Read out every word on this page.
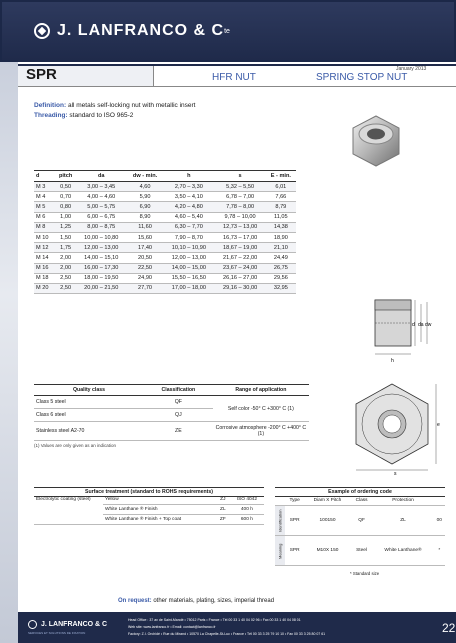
J. LANFRANCO & C te
SPR	January 2013
HFR NUT	SPRING STOP NUT
Definition: all metals self-locking nut with metallic insert
Threading: standard to ISO 965-2
d	pitch	da	dw - min.	h	s	E - min.
M 3	0,50	3,00 – 3,45	4,60	2,70 – 3,30	5,32 – 5,50	6,01
M 4	0,70	4,00 – 4,60	5,90	3,50 – 4,10	6,78 – 7,00	7,66
M 5	0,80	5,00 – 5,75	6,90	4,20 – 4,80	7,78 – 8,00	8,79
M 6	1,00	6,00 – 6,75	8,90	4,60 – 5,40	9,78 – 10,00	11,05
M 8	1,25	8,00 – 8,75	11,60	6,30 – 7,70	12,73 – 13,00	14,38
M 10	1,50	10,00 – 10,80	15,60	7,90 – 8,70	16,73 – 17,00	18,90
M 12	1,75	12,00 – 13,00	17,40	10,10 – 10,90	18,67 – 19,00	21,10
M 14	2,00	14,00 – 15,10	20,50	12,00 – 13,00	21,67 – 22,00	24,49
M 16	2,00	16,00 – 17,30	22,50	14,00 – 15,00	23,67 – 24,00	26,75
M 18	2,50	18,00 – 19,50	24,90	15,50 – 16,50	26,16 – 27,00	29,56
M 20	2,50	20,00 – 21,50	27,70	17,00 – 18,00	29,16 – 30,00	32,95
h
d da dw
s
e
Quality class	Classification	Range of application
Class 5 steel	QF	Self color -50° C +300° C (1)
Class 6 steel	QJ	
Stainless steel A2-70	ZE	Corrosive atmosphere -200° C +400° C (1)
(1) Values are only given as an indication
Surface treatment (standard to ROHS requirements)
Electrolytic coating (steel)	Yellow	ZJ	ISO 4042
	White Lanthane ® Finish	ZL	400 h
	White Lanthane ® Finish + Top coat	ZF	600 h
Example of ordering code
	Type	Diam X Pitch	Class	Protection	
Identification	SPR	100150	QF	ZL	00
Meaning	SPR	M10X 150	Steel	White Lanthane®	*
* Standard size
On request: other materials, plating, sizes, imperial thread
J. LANFRANCO & C
SERVICES ET SOLUTIONS DE FIXATION
Head Office : 37 av de Saint-Mandé • 75012 Paris • France • Tél 00 33 1 40 04 02 96 • Fax 00 33 1 40 04 08 01
Web site: www.lanfranco.fr • Email: contact@lanfranco.fr
Factory: Z.I. Orchidé • Rue du Mirand • 10570 La Chapelle-St-Luc • France • Tél 00 33 3 25 79 10 10 • Fax 00 33 3 25 80 07 61	22
